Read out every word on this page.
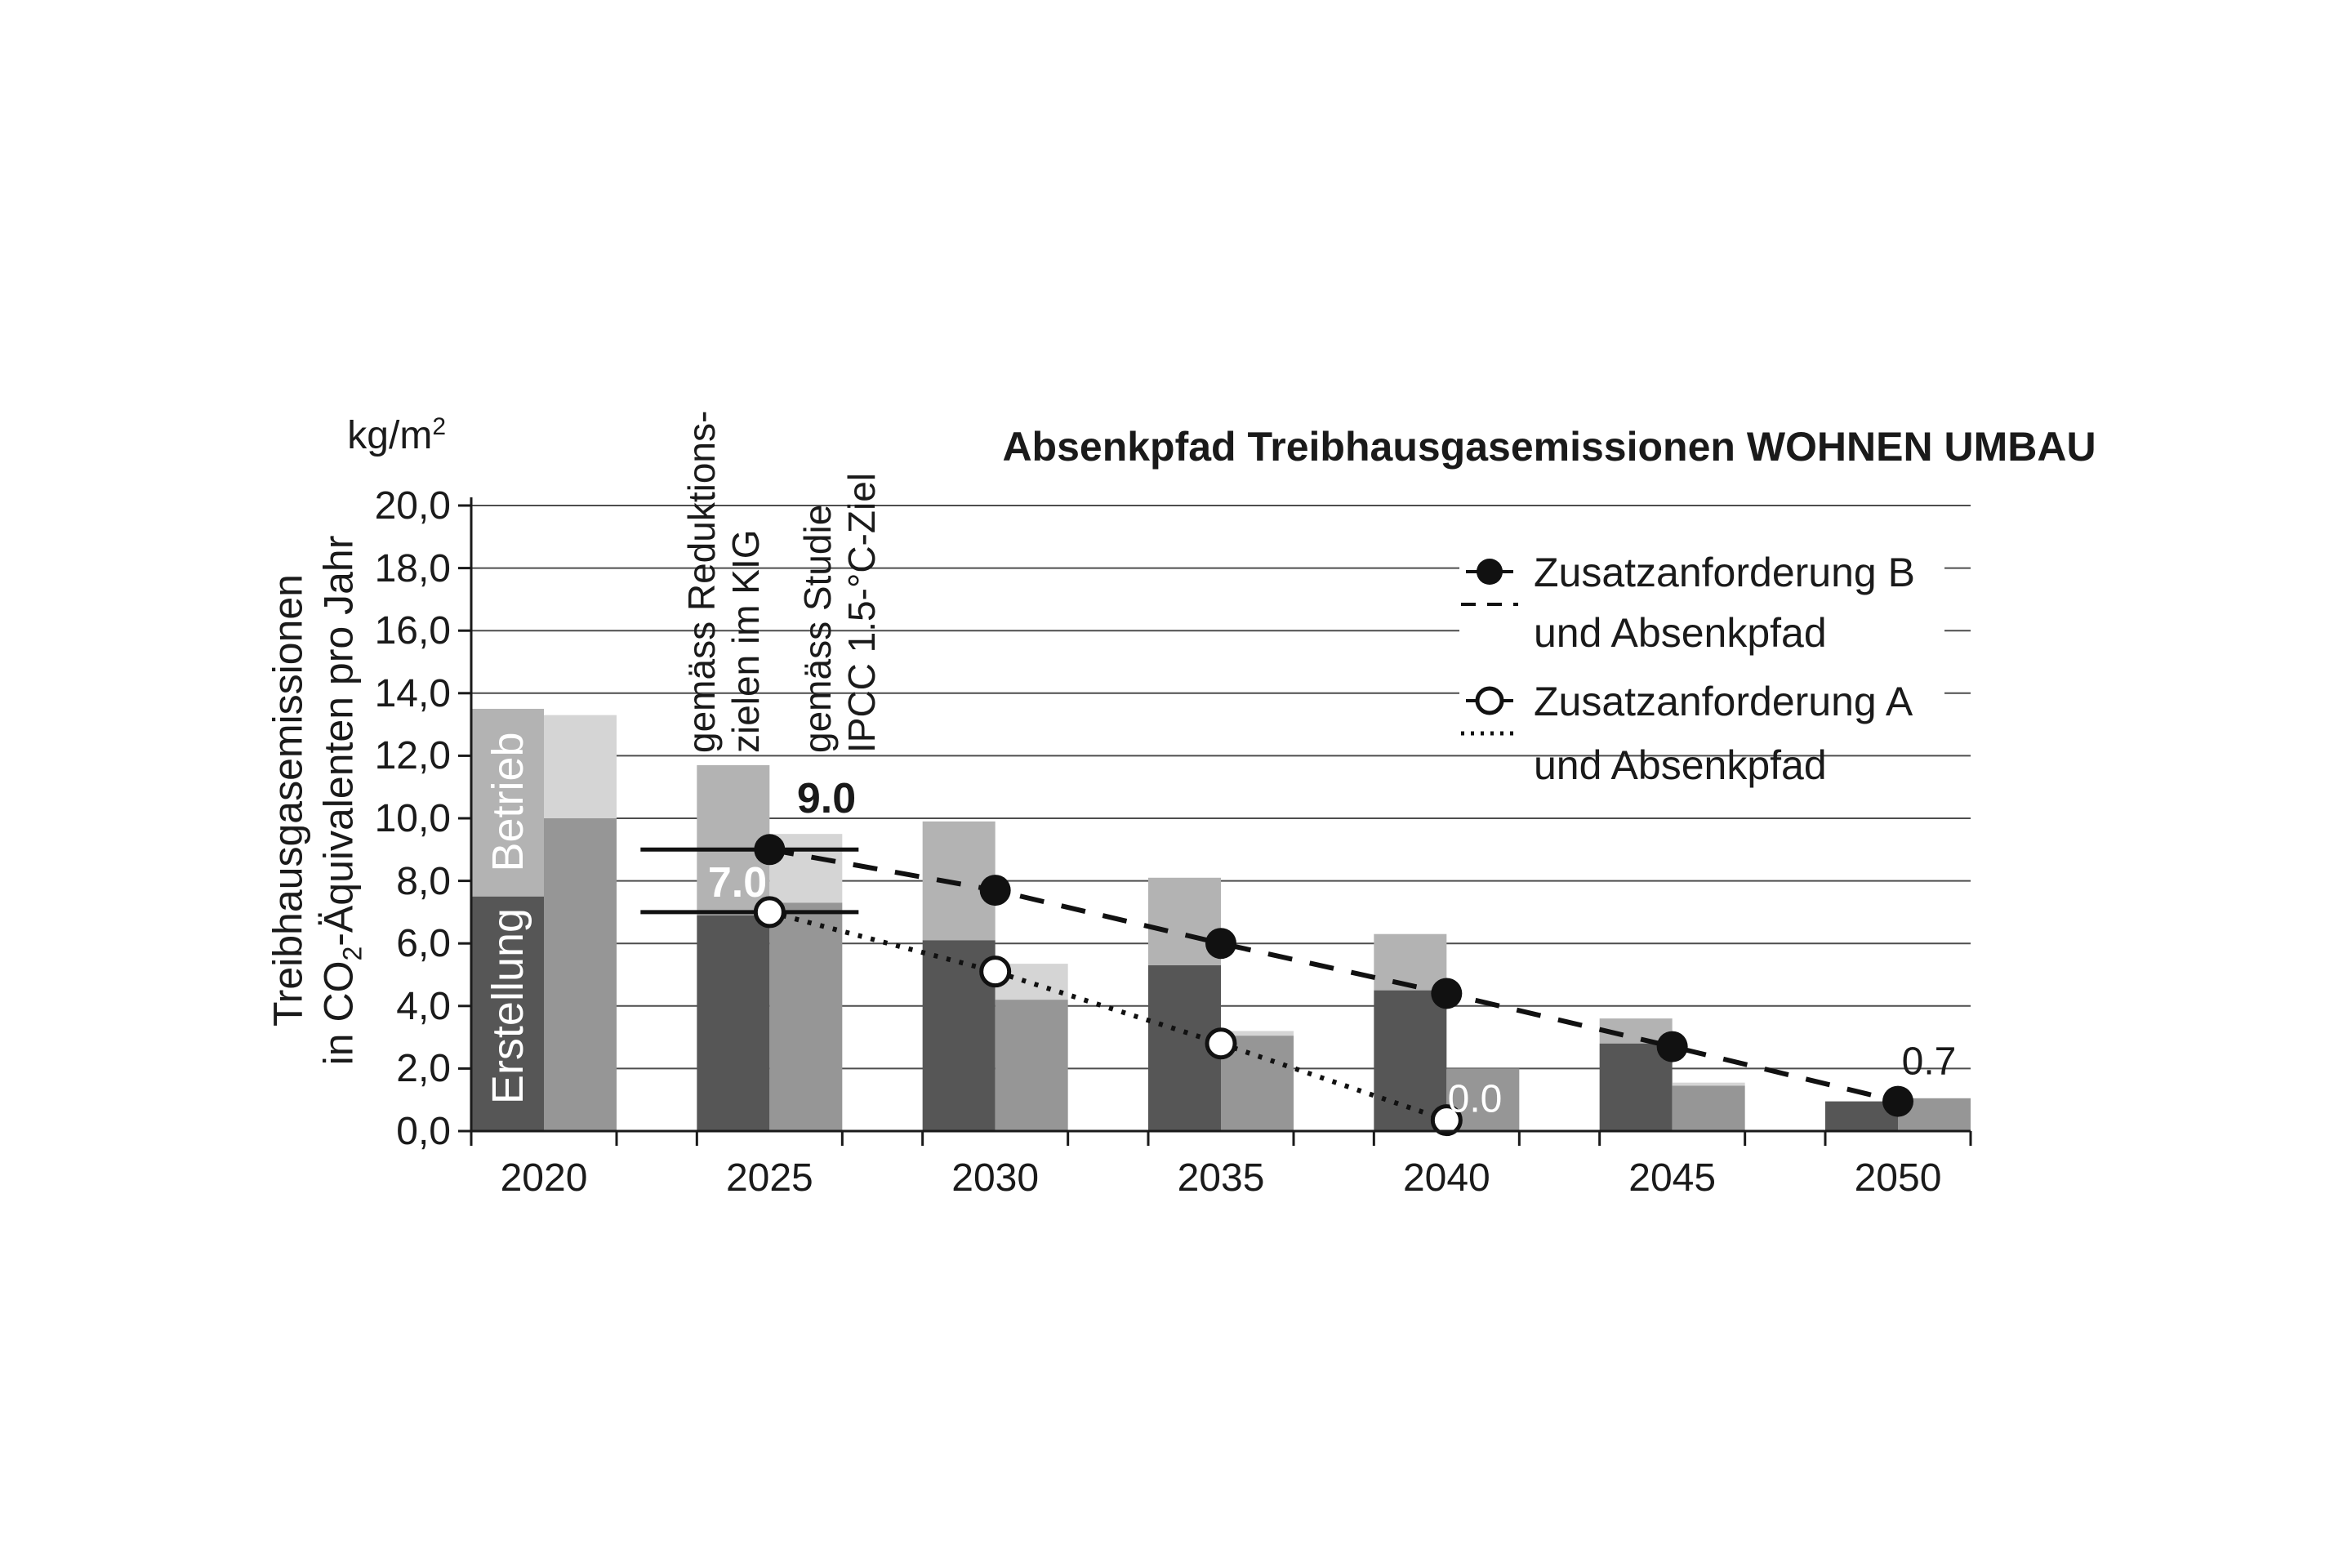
20,0
18,0
16,0
14,0
12,0
10,0
8,0
6,0
4,0
2,0
0,0
2020	2025	2030	2035	2040	2045	2050
Absenkpfad Treibhausgasemissionen WOHNEN UMBAU
$kg/m^2$
Treibhausgasemissionen in $CO_2$-Äquivalenten pro Jahr	gemäss Reduktions- zielen im KIG gemäss Studie IPCC 1.5-°C-Ziel
Betrieb
Erstellung
9.0
7.0
0.0
0.7
Zusatzanforderung B
und Absenkpfad
Zusatzanforderung A
und Absenkpfad
